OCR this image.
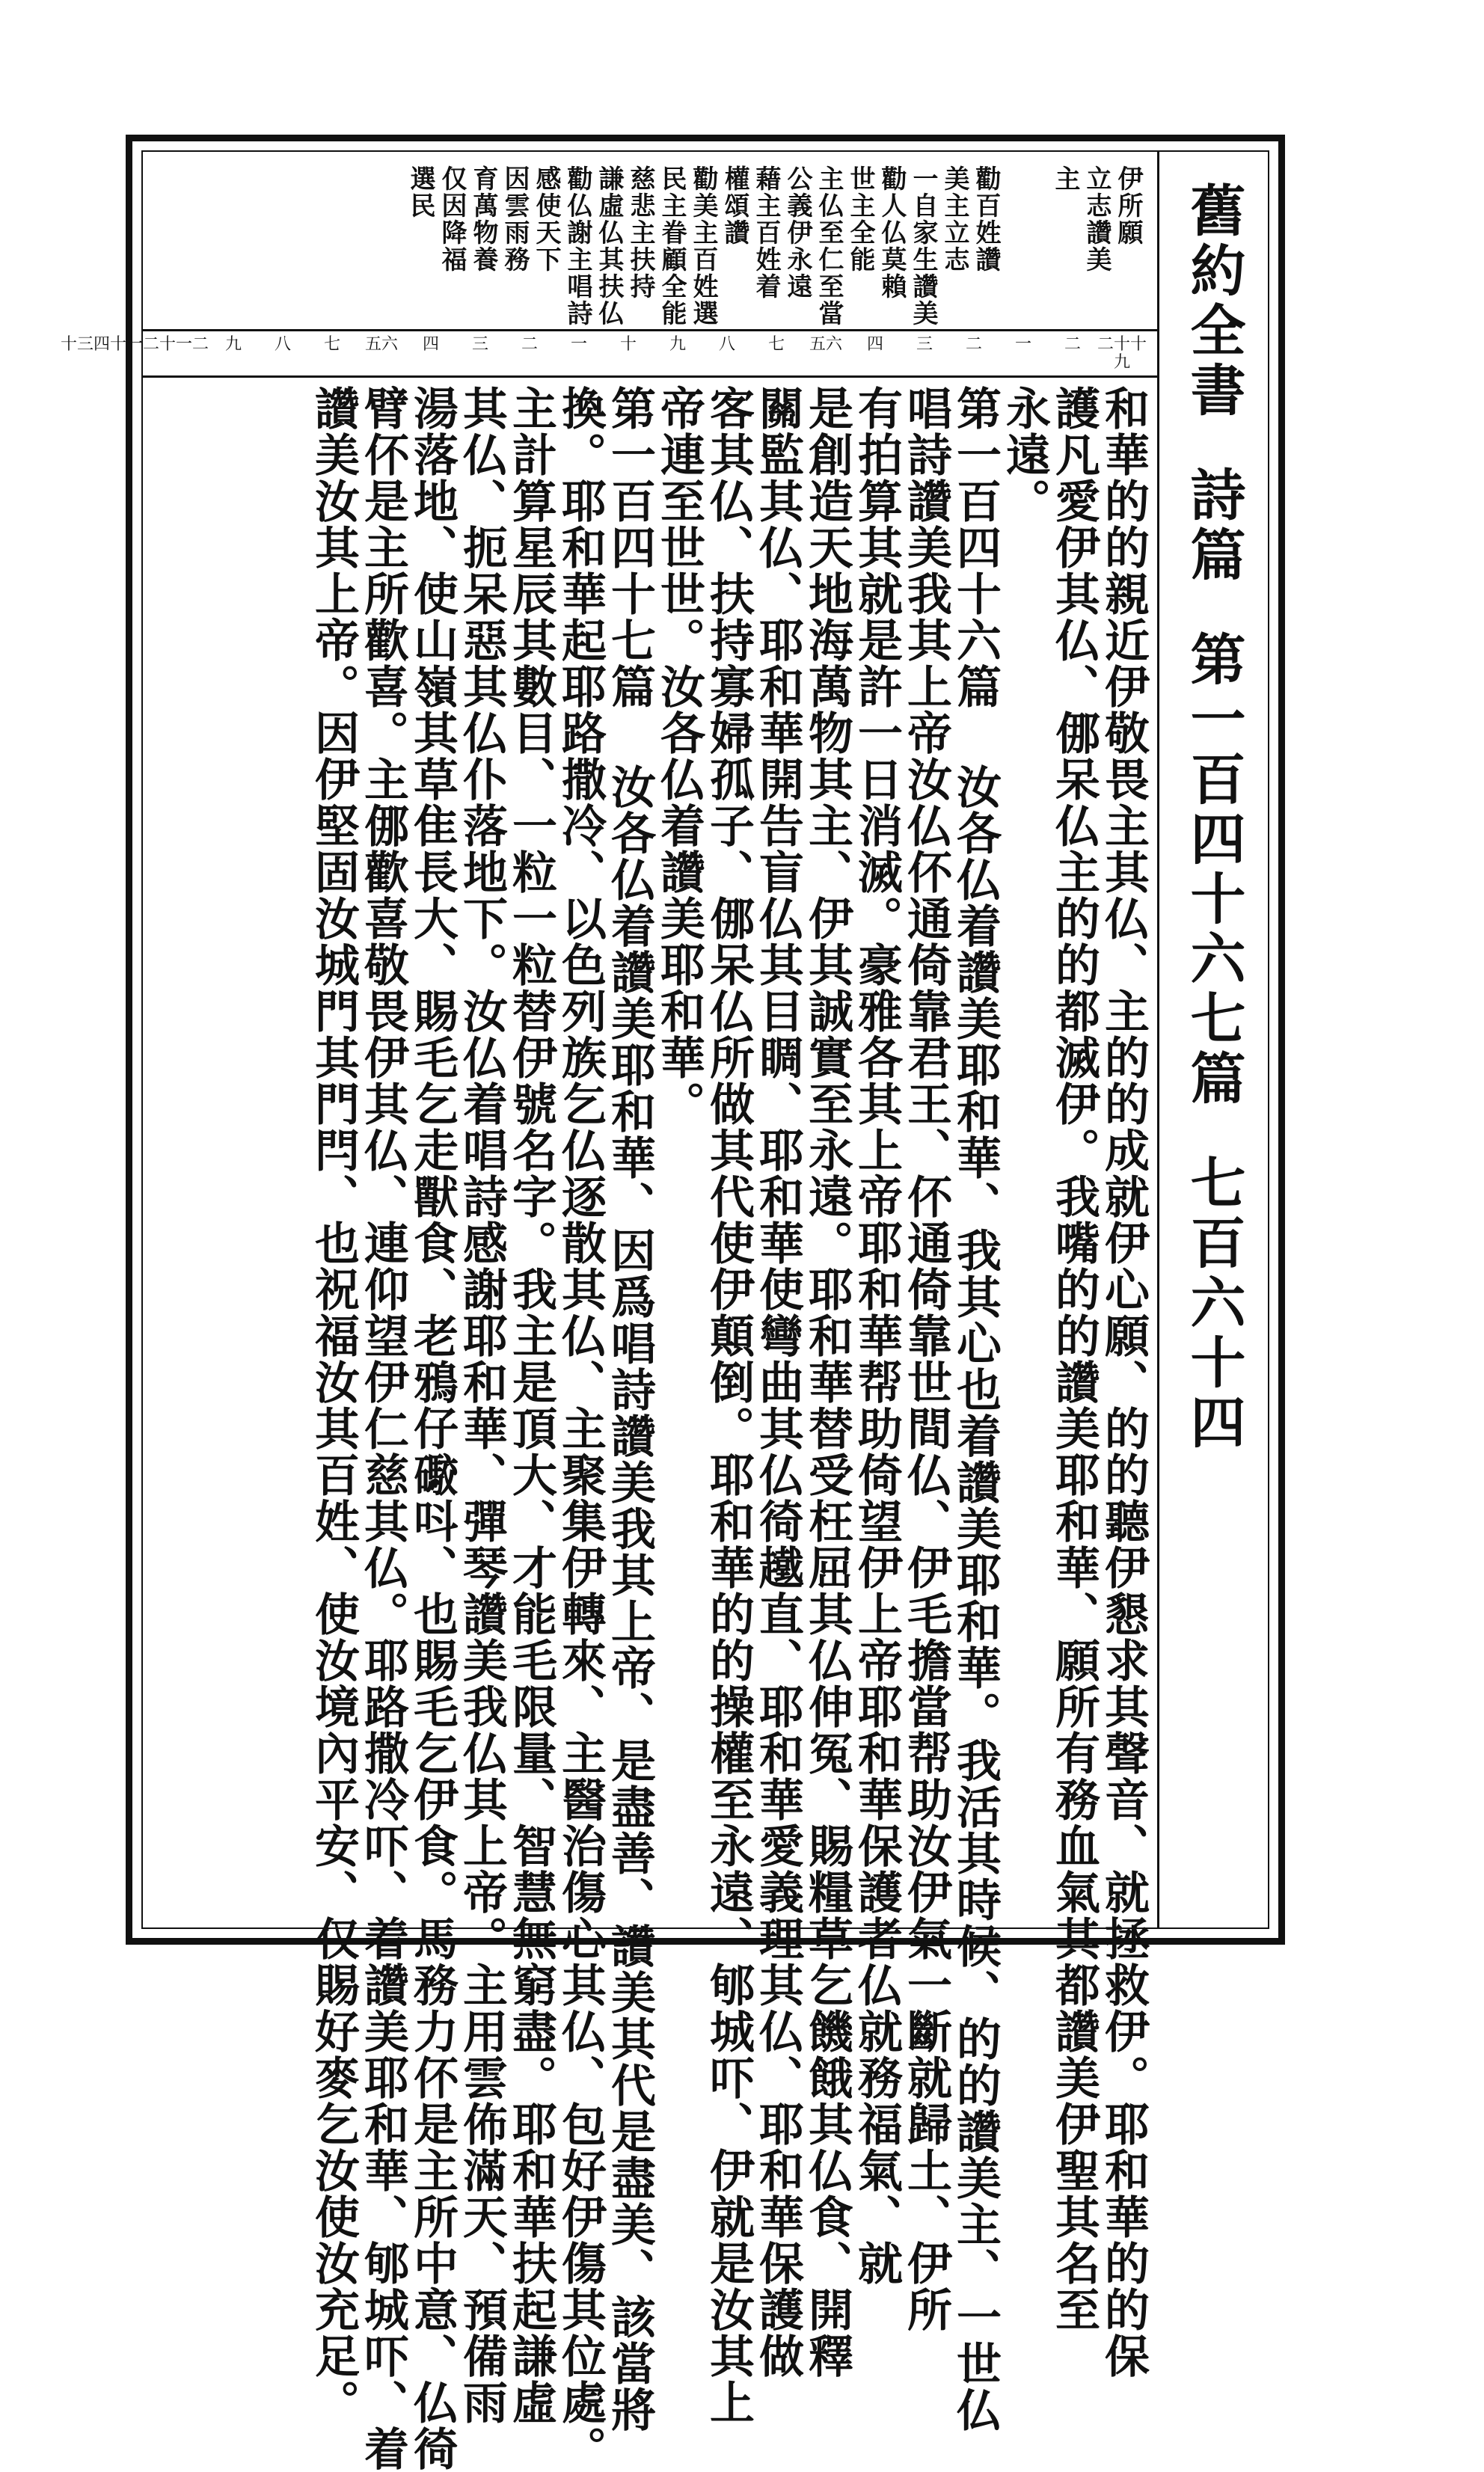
舊約全書
詩篇
第一百四十六七篇
七百六十四
伊所願
立志讚美
主
勸百姓讚
美主立志
一自家生讚美
勸人仏莫賴
世主全能
主仏至仁至當
公義伊永遠
藉主百姓着
權頌讚
勸美主百姓選
民主眷顧全能
慈悲主扶持
謙虛仏其扶仏
勸仏謝主唱詩
感使天下
因雲雨務
育萬物養
仅因降福
選民
二十十九
二
一
二
三
四
五六
七
八
九
十
一
二
三
四
五六
七
八
九
十一二
十一二
十三四
和華的的親近伊敬畏主其仏、主的的成就伊心願、的的聽伊懇求其聲音、就拯救伊。耶和華的的保
護凡愛伊其仏、㑚呆仏主的的都滅伊。我嘴的的讚美耶和華、願所有務血氣其都讚美伊聖其名至
永遠。
第一百四十六篇 汝各仏着讚美耶和華、我其心也着讚美耶和華。我活其時候、的的讚美主、一世仏
唱詩讚美我其上帝汝仏伓通倚靠君王、伓通倚靠世間仏、伊毛擔當帮助汝伊氣一斷就歸土、伊所
有拍算其就是許一日消滅。豪雅各其上帝耶和華帮助倚望伊上帝耶和華保護者仏就務福氣、就
是創造天地海萬物其主、伊其誠實至永遠。耶和華替受枉屈其仏伸冤、賜糧草乞饑餓其仏食、開釋
關監其仏、耶和華開告盲仏其目睭、耶和華使彎曲其仏徛䟈直、耶和華愛義理其仏、耶和華保護做
客其仏、扶持寡婦孤子、㑚呆仏所做其代使伊顛倒。耶和華的的操權至永遠、郇城吓、伊就是汝其上
帝連至世世。汝各仏着讚美耶和華。
第一百四十七篇 汝各仏着讚美耶和華、因爲唱詩讚美我其上帝、是盡善、讚美其代是盡美、該當將
換。耶和華起耶路撒冷、以色列族乞仏逐散其仏、主聚集伊轉來、主醫治傷心其仏、包好伊傷其位處。
主計算星辰其數目、一粒一粒替伊號名字。我主是頂大、才能毛限量、智慧無窮盡。耶和華扶起謙虛
其仏、扼呆惡其仏仆落地下。汝仏着唱詩感謝耶和華、彈琴讚美我仏其上帝。主用雲佈滿天、預備雨
湯落地、使山嶺其草隹長大、賜毛乞走獸食、老鴉仔礮呌、也賜毛乞伊食。馬務力伓是主所中意、仏徛
臂伓是主所歡喜。主㑚歡喜敬畏伊其仏、連仰望伊仁慈其仏。耶路撒冷吓、着讚美耶和華、郇城吓、着
讚美汝其上帝。因伊堅固汝城門其門閂、也祝福汝其百姓、使汝境內平安、仅賜好麥乞汝使汝充足。
